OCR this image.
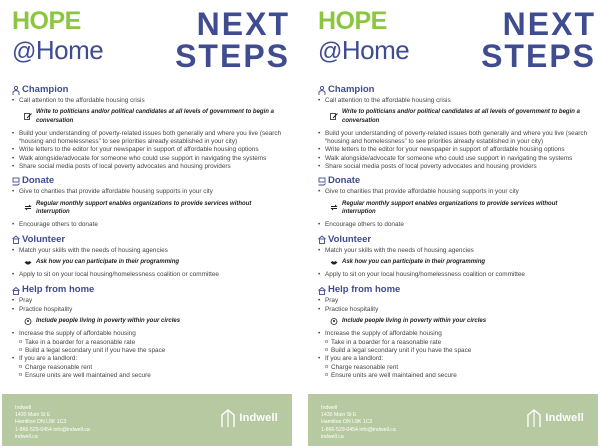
HOPE
@Home
NEXT
STEPS
Champion
• Call attention to the affordable housing crisis
Write to politicians and/or political candidates at all levels of government to begin a conversation
• Build your understanding of poverty-related issues both generally and where you live (search
“housing and homelessness” to see priorities already established in your city)
• Write letters to the editor for your newspaper in support of affordable housing options
• Walk alongside/advocate for someone who could use support in navigating the systems
• Share social media posts of local poverty advocates and housing providers
Donate
• Give to charities that provide affordable housing supports in your city
Regular monthly support enables organizations to provide services without interruption
• Encourage others to donate
Volunteer
• Match your skills with the needs of housing agencies
Ask how you can participate in their programming
• Apply to sit on your local housing/homelessness coalition or committee
Help from home
• Pray
• Practice hospitality
Include people living in poverty within your circles
• Increase the supply of affordable housing
o Take in a boarder for a reasonable rate
o Build a legal secondary unit if you have the space
• If you are a landlord:
o Charge reasonable rent
o Ensure units are well maintained and secure
Indwell
1430 Main St E
Hamilton ON L8K 1C3
1-866-529-0454 info@indwell.ca
indwell.ca
Indwell
HOPE
@Home
NEXT
STEPS
Champion
• Call attention to the affordable housing crisis
Write to politicians and/or political candidates at all levels of government to begin a conversation
• Build your understanding of poverty-related issues both generally and where you live (search
“housing and homelessness” to see priorities already established in your city)
• Write letters to the editor for your newspaper in support of affordable housing options
• Walk alongside/advocate for someone who could use support in navigating the systems
• Share social media posts of local poverty advocates and housing providers
Donate
• Give to charities that provide affordable housing supports in your city
Regular monthly support enables organizations to provide services without interruption
• Encourage others to donate
Volunteer
• Match your skills with the needs of housing agencies
Ask how you can participate in their programming
• Apply to sit on your local housing/homelessness coalition or committee
Help from home
• Pray
• Practice hospitality
Include people living in poverty within your circles
• Increase the supply of affordable housing
o Take in a boarder for a reasonable rate
o Build a legal secondary unit if you have the space
• If you are a landlord:
o Charge reasonable rent
o Ensure units are well maintained and secure
Indwell
1430 Main St E
Hamilton ON L8K 1C3
1-866-529-0454 info@indwell.ca
indwell.ca
Indwell
